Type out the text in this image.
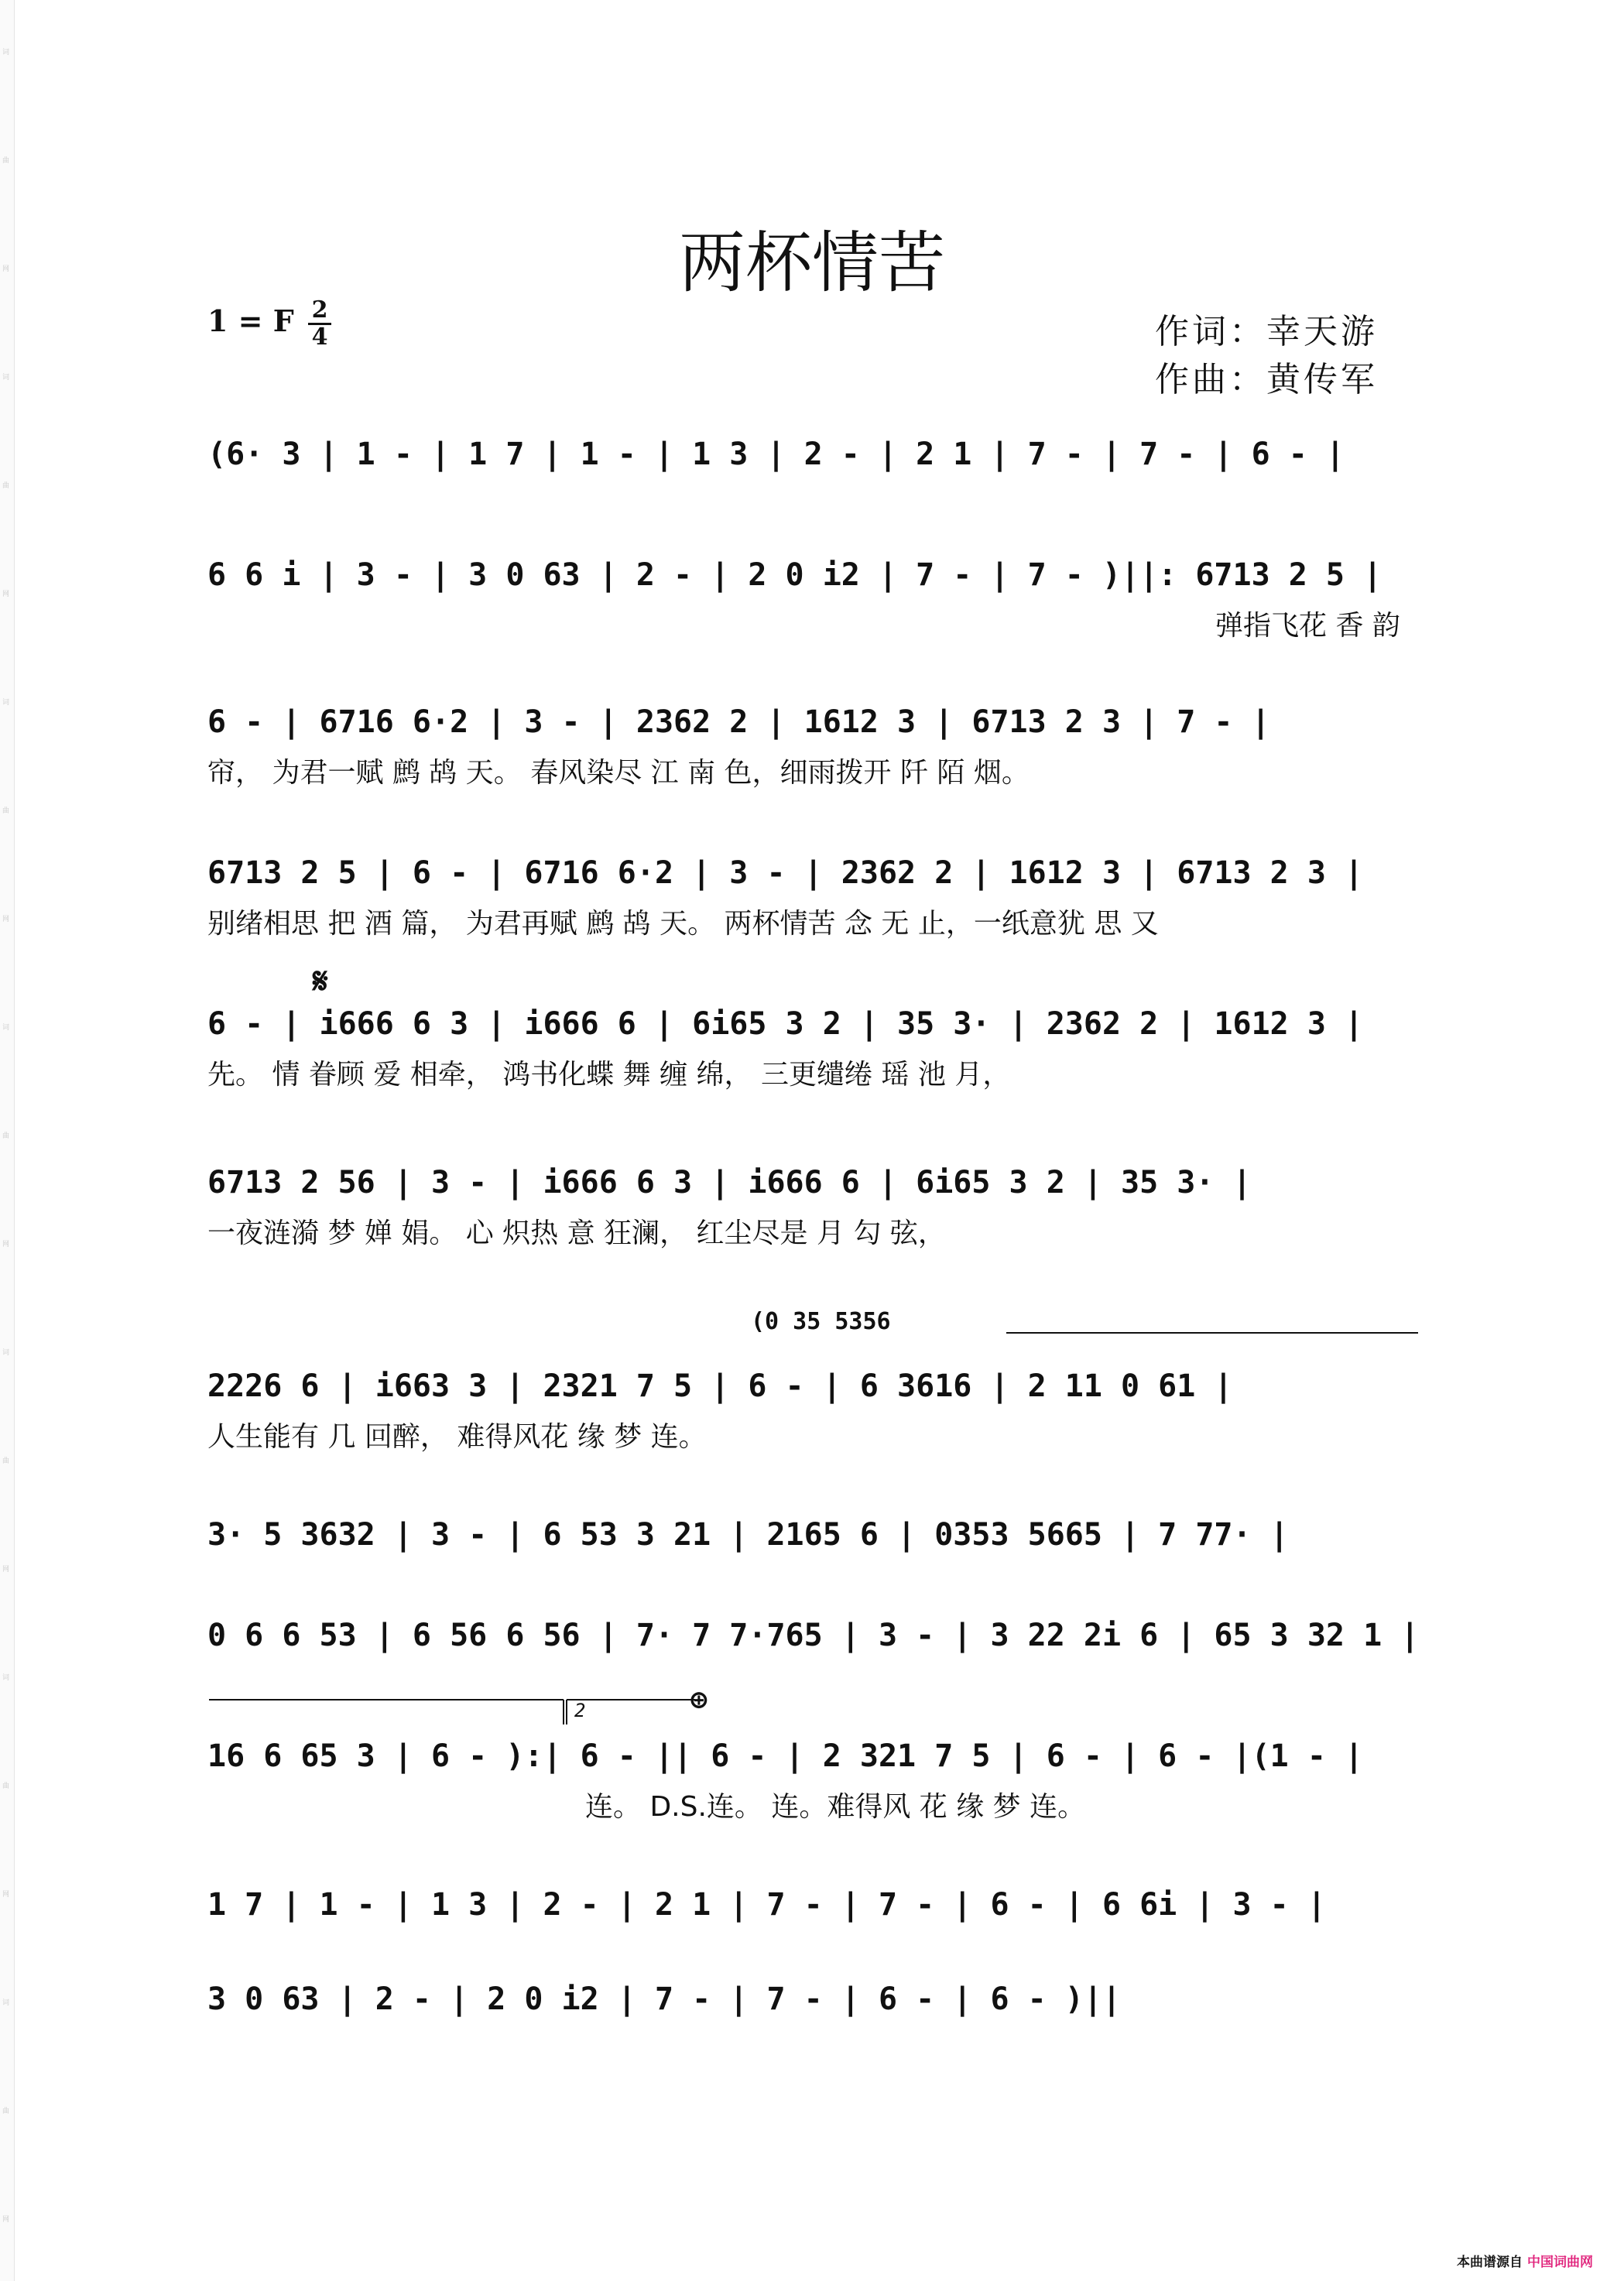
词
曲
网
词
曲
网
词
曲
网
词
曲
网
词
曲
网
词
曲
网
词
曲
网
两杯情苦
1 = F 2
4	作词：幸天游
作曲：黄传军
(6· 3 | 1 - | 1 7 | 1 - | 1 3 | 2 - | 2 1 | 7 - | 7 - | 6 - |
6 6 i | 3 - | 3 0 63 | 2 - | 2 0 i2 | 7 - | 7 - )||: 6713 2 5 |
弹指飞花 香 韵
6 - | 6716 6·2 | 3 - | 2362 2 | 1612 3 | 6713 2 3 | 7 - |
帘， 为君一赋 鹧 鸪 天。 春风染尽 江 南 色，细雨拨开 阡 陌 烟。
6713 2 5 | 6 - | 6716 6·2 | 3 - | 2362 2 | 1612 3 | 6713 2 3 |
别绪相思 把 酒 篇， 为君再赋 鹧 鸪 天。 两杯情苦 念 无 止，一纸意犹 思 又
6 - | i666 6 3 | i666 6 | 6i65 3 2 | 35 3· | 2362 2 | 1612 3 |
先。 情 眷顾 爱 相牵， 鸿书化蝶 舞 缠 绵， 三更缱绻 瑶 池 月，
6713 2 56 | 3 - | i666 6 3 | i666 6 | 6i65 3 2 | 35 3· |
一夜涟漪 梦 婵 娟。 心 炽热 意 狂澜， 红尘尽是 月 勾 弦，
2226 6 | i663 3 | 2321 7 5 | 6 - | 6 3616 | 2 11 0 61 |
人生能有 几 回醉， 难得风花 缘 梦 连。
3· 5 3632 | 3 - | 6 53 3 21 | 2165 6 | 0353 5665 | 7 77· |
0 6 6 53 | 6 56 6 56 | 7· 7 7·765 | 3 - | 3 22 2i 6 | 65 3 32 1 |
16 6 65 3 | 6 - ):| 6 - || 6 - | 2 321 7 5 | 6 - | 6 - |(1 - |
连。 D.S.连。 连。难得风 花 缘 梦 连。
1 7 | 1 - | 1 3 | 2 - | 2 1 | 7 - | 7 - | 6 - | 6 6i | 3 - |
3 0 63 | 2 - | 2 0 i2 | 7 - | 7 - | 6 - | 6 - )||
(0 35 5356
𝄋
⊕
2
本曲谱源自 中国词曲网
